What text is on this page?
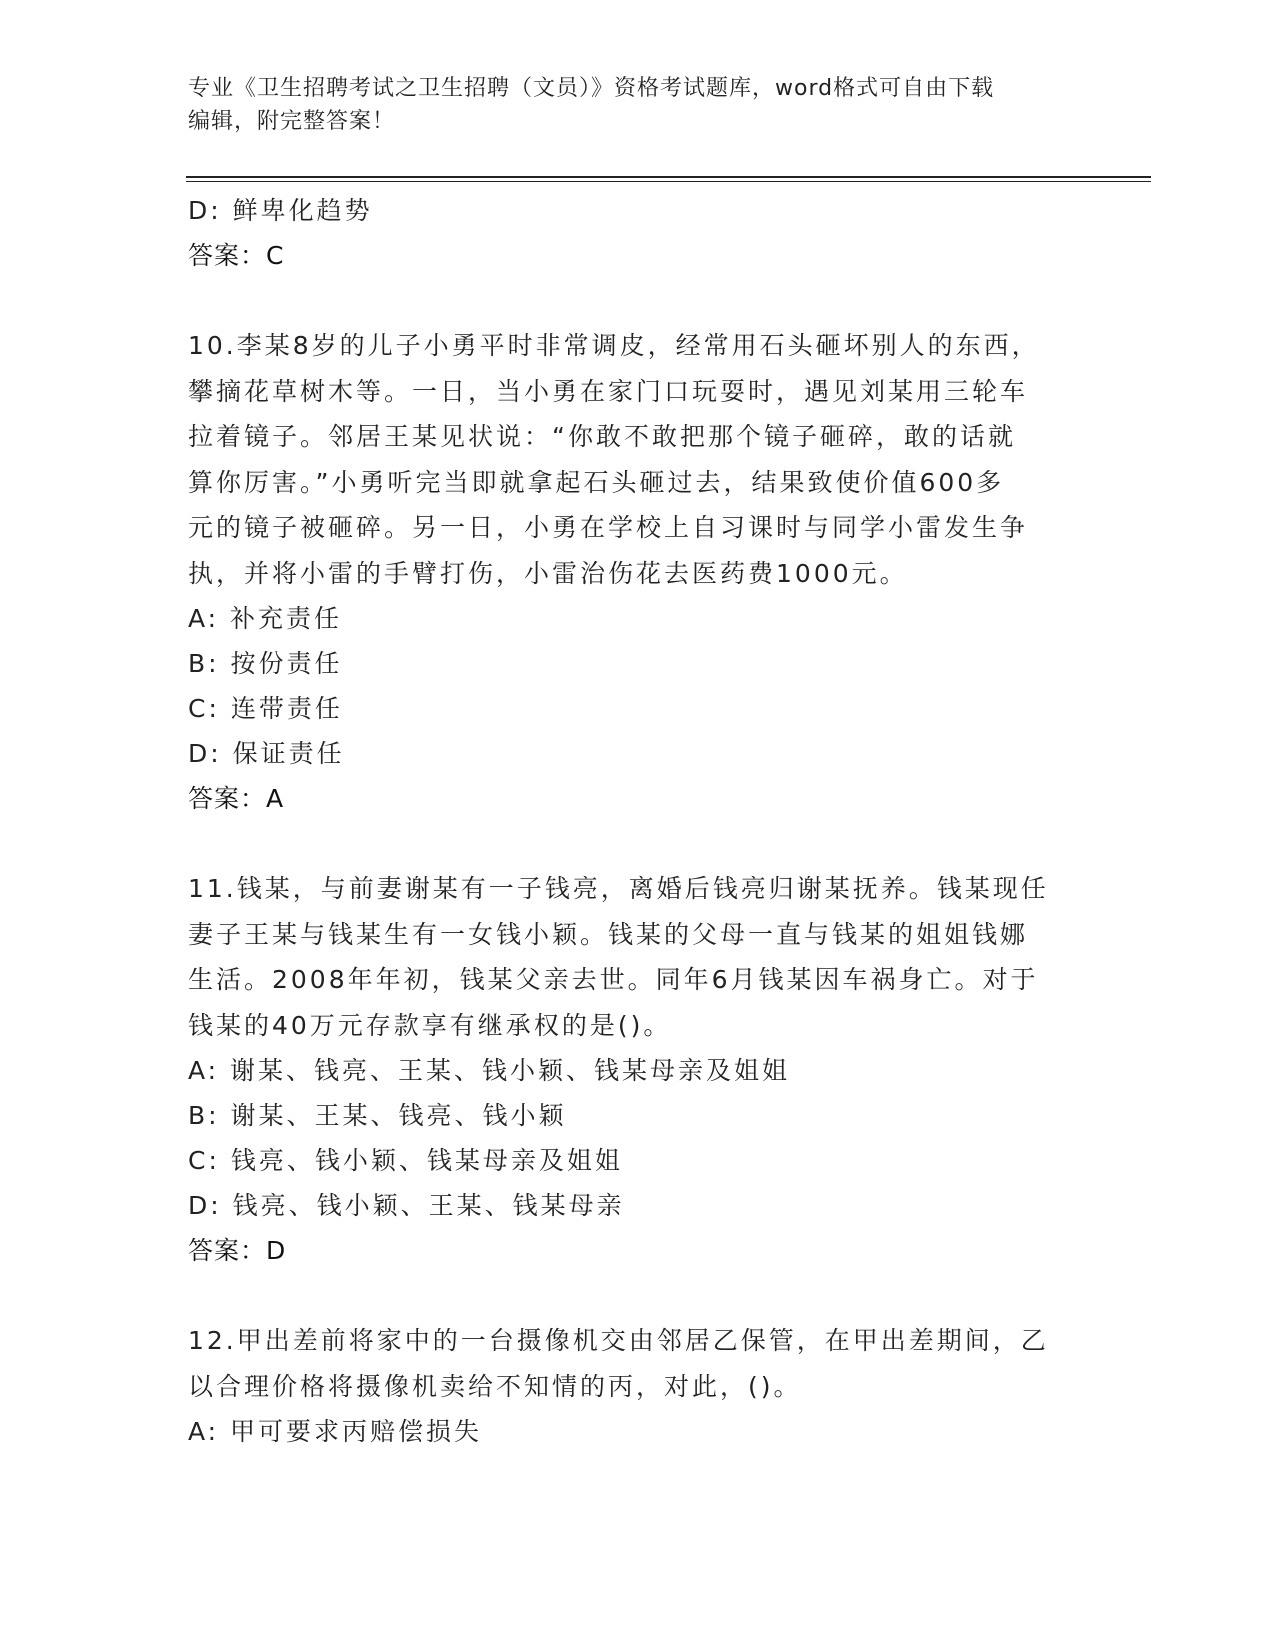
专业《卫生招聘考试之卫生招聘（文员）》资格考试题库，word格式可自由下载
编辑，附完整答案！
D: 鲜卑化趋势
答案：C
10.李某8岁的儿子小勇平时非常调皮，经常用石头砸坏别人的东西，
攀摘花草树木等。一日，当小勇在家门口玩耍时，遇见刘某用三轮车
拉着镜子。邻居王某见状说：“你敢不敢把那个镜子砸碎，敢的话就
算你厉害。”小勇听完当即就拿起石头砸过去，结果致使价值600多
元的镜子被砸碎。另一日，小勇在学校上自习课时与同学小雷发生争
执，并将小雷的手臂打伤，小雷治伤花去医药费1000元。
A: 补充责任
B: 按份责任
C: 连带责任
D: 保证责任
答案：A
11.钱某，与前妻谢某有一子钱亮，离婚后钱亮归谢某抚养。钱某现任
妻子王某与钱某生有一女钱小颖。钱某的父母一直与钱某的姐姐钱娜
生活。2008年年初，钱某父亲去世。同年6月钱某因车祸身亡。对于
钱某的40万元存款享有继承权的是()。
A: 谢某、钱亮、王某、钱小颖、钱某母亲及姐姐
B: 谢某、王某、钱亮、钱小颖
C: 钱亮、钱小颖、钱某母亲及姐姐
D: 钱亮、钱小颖、王某、钱某母亲
答案：D
12.甲出差前将家中的一台摄像机交由邻居乙保管，在甲出差期间，乙
以合理价格将摄像机卖给不知情的丙，对此，()。
A: 甲可要求丙赔偿损失
